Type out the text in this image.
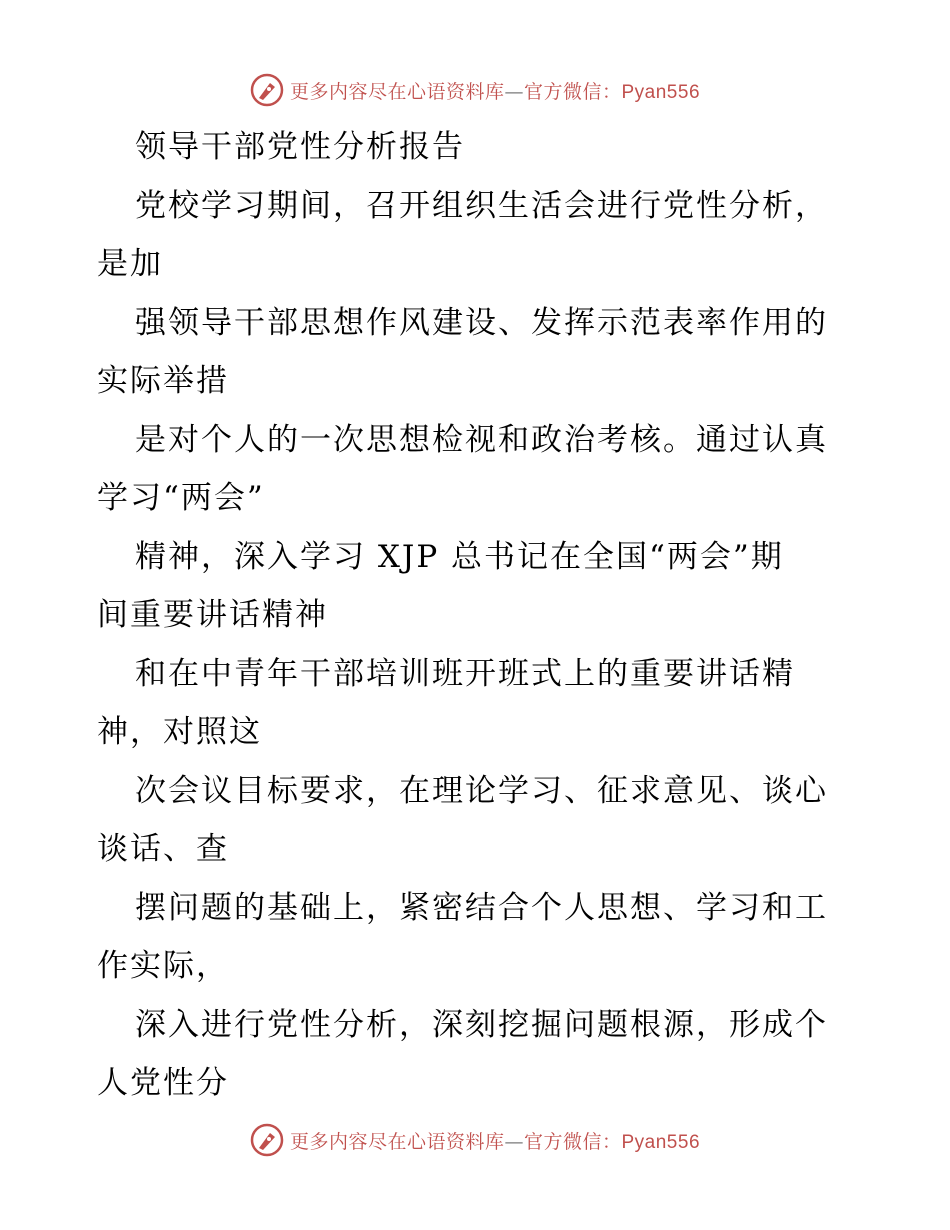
更多内容尽在心语资料库—官方微信：Pyan556
领导干部党性分析报告
党校学习期间，召开组织生活会进行党性分析，
是加
强领导干部思想作风建设、发挥示范表率作用的
实际举措
是对个人的一次思想检视和政治考核。通过认真
学习“两会”
精神，深入学习 XJP 总书记在全国“两会”期
间重要讲话精神
和在中青年干部培训班开班式上的重要讲话精
神，对照这
次会议目标要求，在理论学习、征求意见、谈心
谈话、查
摆问题的基础上，紧密结合个人思想、学习和工
作实际，
深入进行党性分析，深刻挖掘问题根源，形成个
人党性分
更多内容尽在心语资料库—官方微信：Pyan556
